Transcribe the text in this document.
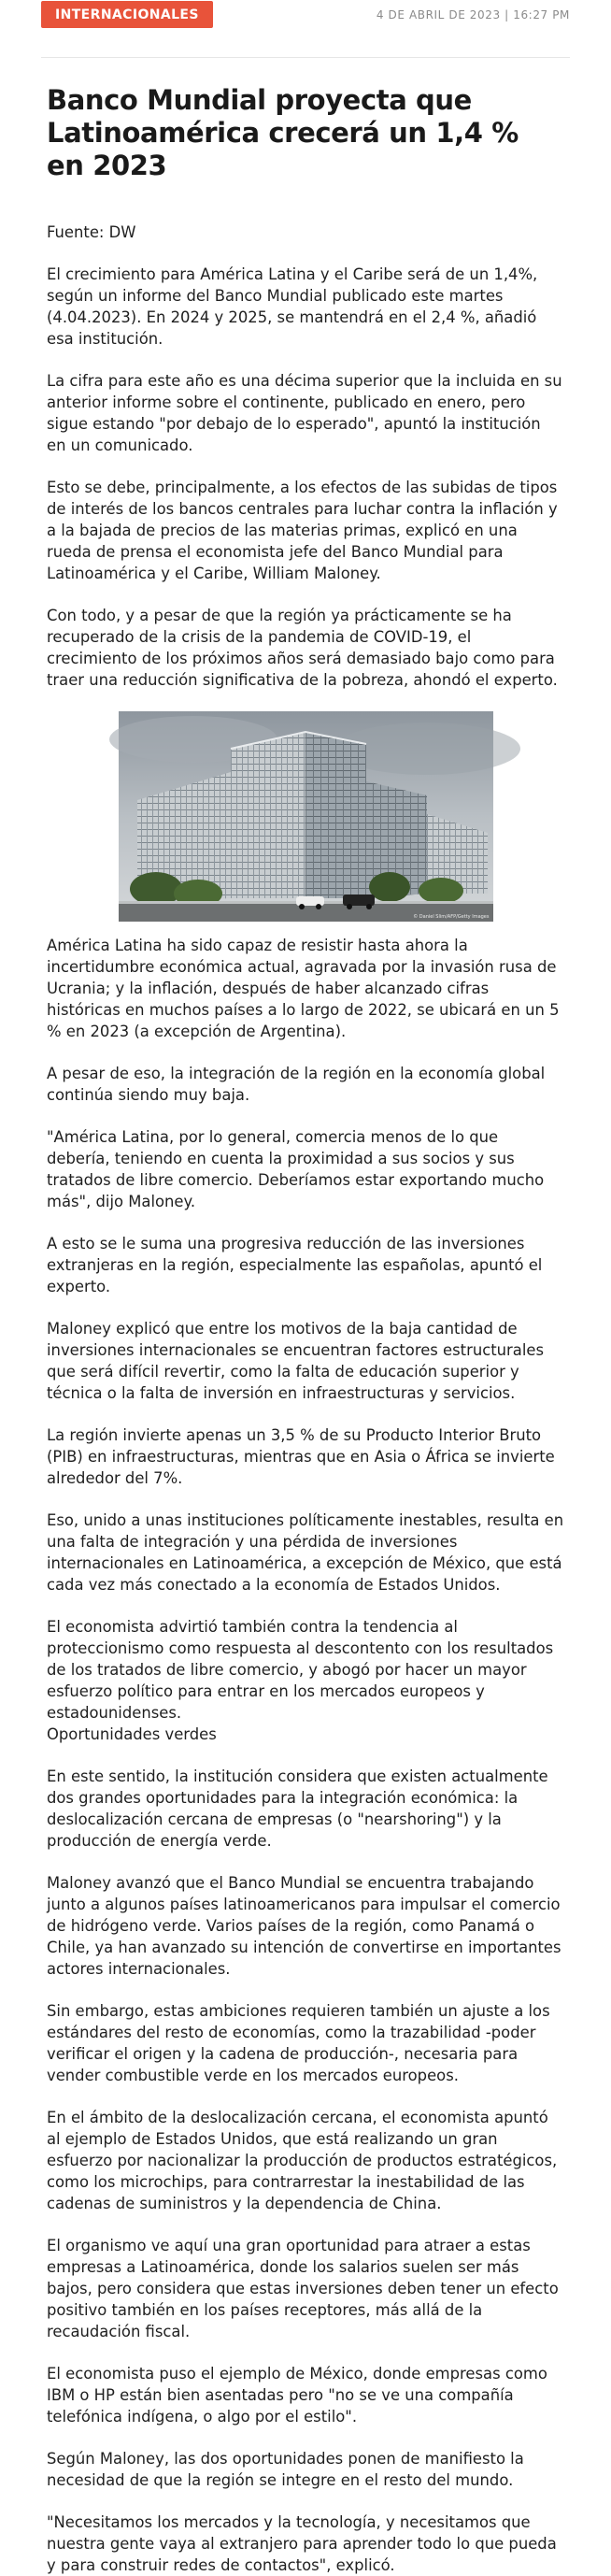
INTERNACIONALES	4 DE ABRIL DE 2023 | 16:27 PM
Banco Mundial proyecta que Latinoamérica crecerá un 1,4 % en 2023

Fuente: DW

El crecimiento para América Latina y el Caribe será de un 1,4%, según un informe del Banco Mundial publicado este martes (4.04.2023). En 2024 y 2025, se mantendrá en el 2,4 %, añadió esa institución.

La cifra para este año es una décima superior que la incluida en su anterior informe sobre el continente, publicado en enero, pero sigue estando "por debajo de lo esperado", apuntó la institución en un comunicado.

Esto se debe, principalmente, a los efectos de las subidas de tipos de interés de los bancos centrales para luchar contra la inflación y a la bajada de precios de las materias primas, explicó en una rueda de prensa el economista jefe del Banco Mundial para Latinoamérica y el Caribe, William Maloney.

Con todo, y a pesar de que la región ya prácticamente se ha recuperado de la crisis de la pandemia de COVID-19, el crecimiento de los próximos años será demasiado bajo como para traer una reducción significativa de la pobreza, ahondó el experto.

© Daniel Slim/AFP/Getty Images

América Latina ha sido capaz de resistir hasta ahora la incertidumbre económica actual, agravada por la invasión rusa de Ucrania; y la inflación, después de haber alcanzado cifras históricas en muchos países a lo largo de 2022, se ubicará en un 5 % en 2023 (a excepción de Argentina).

A pesar de eso, la integración de la región en la economía global continúa siendo muy baja.

"América Latina, por lo general, comercia menos de lo que debería, teniendo en cuenta la proximidad a sus socios y sus tratados de libre comercio. Deberíamos estar exportando mucho más", dijo Maloney.

A esto se le suma una progresiva reducción de las inversiones extranjeras en la región, especialmente las españolas, apuntó el experto.

Maloney explicó que entre los motivos de la baja cantidad de inversiones internacionales se encuentran factores estructurales que será difícil revertir, como la falta de educación superior y técnica o la falta de inversión en infraestructuras y servicios.

La región invierte apenas un 3,5 % de su Producto Interior Bruto (PIB) en infraestructuras, mientras que en Asia o África se invierte alrededor del 7%.

Eso, unido a unas instituciones políticamente inestables, resulta en una falta de integración y una pérdida de inversiones internacionales en Latinoamérica, a excepción de México, que está cada vez más conectado a la economía de Estados Unidos.

El economista advirtió también contra la tendencia al proteccionismo como respuesta al descontento con los resultados de los tratados de libre comercio, y abogó por hacer un mayor esfuerzo político para entrar en los mercados europeos y estadounidenses.

Oportunidades verdes

En este sentido, la institución considera que existen actualmente dos grandes oportunidades para la integración económica: la deslocalización cercana de empresas (o "nearshoring") y la producción de energía verde.

Maloney avanzó que el Banco Mundial se encuentra trabajando junto a algunos países latinoamericanos para impulsar el comercio de hidrógeno verde. Varios países de la región, como Panamá o Chile, ya han avanzado su intención de convertirse en importantes actores internacionales.

Sin embargo, estas ambiciones requieren también un ajuste a los estándares del resto de economías, como la trazabilidad -poder verificar el origen y la cadena de producción-, necesaria para vender combustible verde en los mercados europeos.

En el ámbito de la deslocalización cercana, el economista apuntó al ejemplo de Estados Unidos, que está realizando un gran esfuerzo por nacionalizar la producción de productos estratégicos, como los microchips, para contrarrestar la inestabilidad de las cadenas de suministros y la dependencia de China.

El organismo ve aquí una gran oportunidad para atraer a estas empresas a Latinoamérica, donde los salarios suelen ser más bajos, pero considera que estas inversiones deben tener un efecto positivo también en los países receptores, más allá de la recaudación fiscal.

El economista puso el ejemplo de México, donde empresas como IBM o HP están bien asentadas pero "no se ve una compañía telefónica indígena, o algo por el estilo".

Según Maloney, las dos oportunidades ponen de manifiesto la necesidad de que la región se integre en el resto del mundo.

"Necesitamos los mercados y la tecnología, y necesitamos que nuestra gente vaya al extranjero para aprender todo lo que pueda y para construir redes de contactos", explicó.
